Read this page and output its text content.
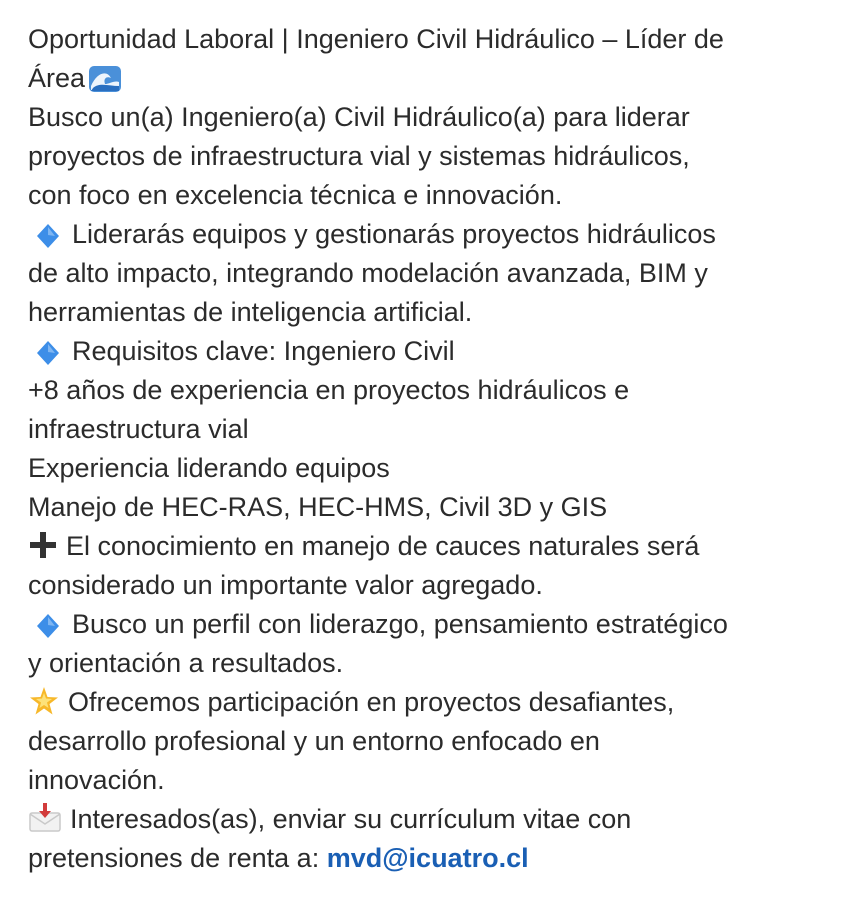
Oportunidad Laboral | Ingeniero Civil Hidráulico – Líder de
Área
Busco un(a) Ingeniero(a) Civil Hidráulico(a) para liderar
proyectos de infraestructura vial y sistemas hidráulicos,
con foco en excelencia técnica e innovación.
Liderarás equipos y gestionarás proyectos hidráulicos
de alto impacto, integrando modelación avanzada, BIM y
herramientas de inteligencia artificial.
Requisitos clave: Ingeniero Civil
+8 años de experiencia en proyectos hidráulicos e
infraestructura vial
Experiencia liderando equipos
Manejo de HEC-RAS, HEC-HMS, Civil 3D y GIS
El conocimiento en manejo de cauces naturales será
considerado un importante valor agregado.
Busco un perfil con liderazgo, pensamiento estratégico
y orientación a resultados.
Ofrecemos participación en proyectos desafiantes,
desarrollo profesional y un entorno enfocado en
innovación.
Interesados(as), enviar su currículum vitae con
pretensiones de renta a: mvd@icuatro.cl
